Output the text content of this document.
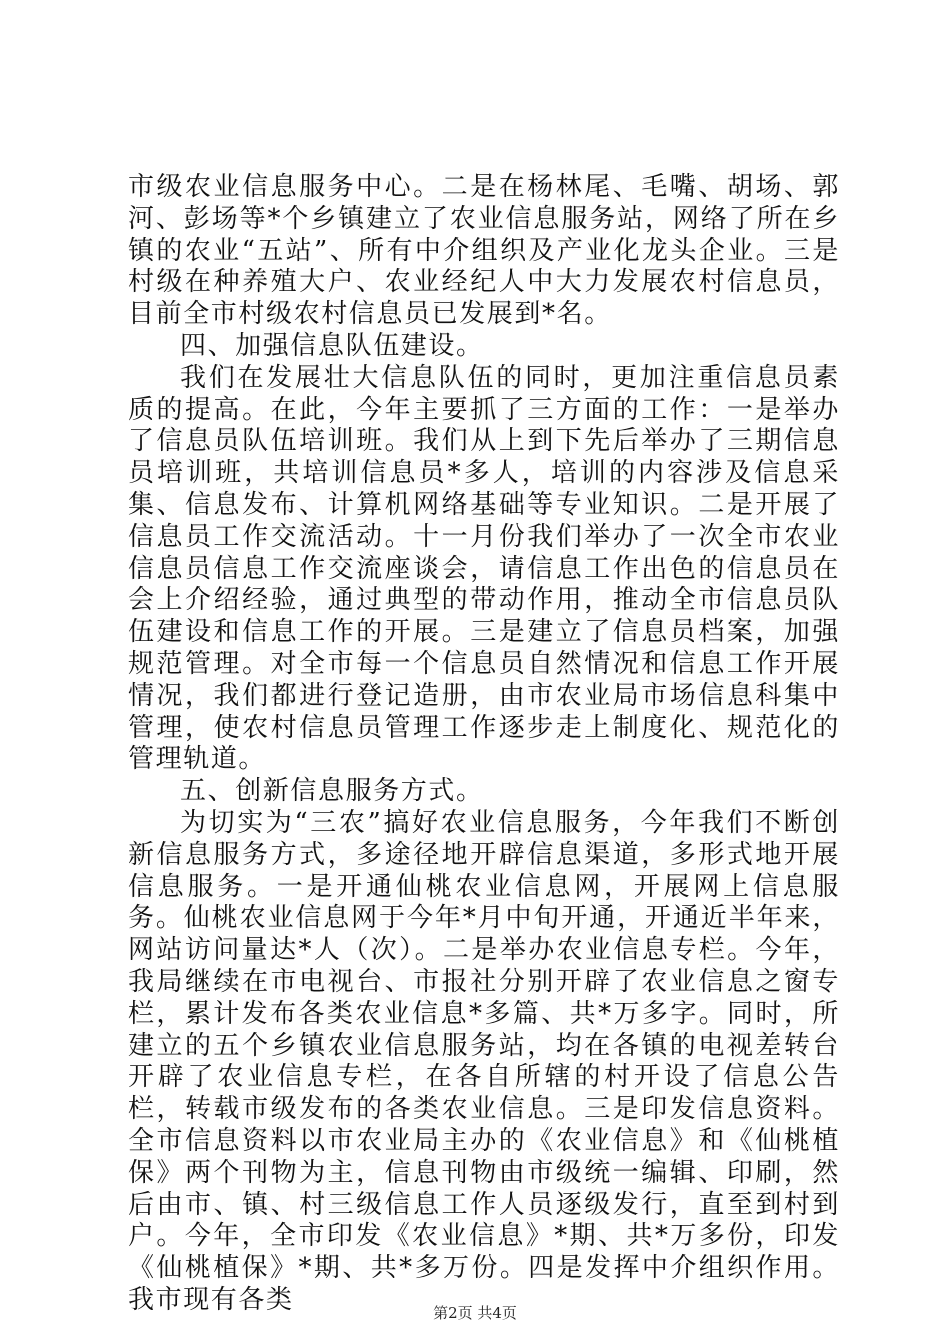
市级农业信息服务中心。二是在杨林尾、毛嘴、胡场、郭河、彭场等*个乡镇建立了农业信息服务站，网络了所在乡镇的农业“五站”、所有中介组织及产业化龙头企业。三是村级在种养殖大户、农业经纪人中大力发展农村信息员，目前全市村级农村信息员已发展到*名。

四、加强信息队伍建设。

我们在发展壮大信息队伍的同时，更加注重信息员素质的提高。在此，今年主要抓了三方面的工作：一是举办了信息员队伍培训班。我们从上到下先后举办了三期信息员培训班，共培训信息员*多人，培训的内容涉及信息采集、信息发布、计算机网络基础等专业知识。二是开展了信息员工作交流活动。十一月份我们举办了一次全市农业信息员信息工作交流座谈会，请信息工作出色的信息员在会上介绍经验，通过典型的带动作用，推动全市信息员队伍建设和信息工作的开展。三是建立了信息员档案，加强规范管理。对全市每一个信息员自然情况和信息工作开展情况，我们都进行登记造册，由市农业局市场信息科集中管理，使农村信息员管理工作逐步走上制度化、规范化的管理轨道。

五、创新信息服务方式。

为切实为“三农”搞好农业信息服务，今年我们不断创新信息服务方式，多途径地开辟信息渠道，多形式地开展信息服务。一是开通仙桃农业信息网，开展网上信息服务。仙桃农业信息网于今年*月中旬开通，开通近半年来，网站访问量达*人（次）。二是举办农业信息专栏。今年，我局继续在市电视台、市报社分别开辟了农业信息之窗专栏，累计发布各类农业信息*多篇、共*万多字。同时，所建立的五个乡镇农业信息服务站，均在各镇的电视差转台开辟了农业信息专栏，在各自所辖的村开设了信息公告栏，转载市级发布的各类农业信息。三是印发信息资料。全市信息资料以市农业局主办的《农业信息》和《仙桃植保》两个刊物为主，信息刊物由市级统一编辑、印刷，然后由市、镇、村三级信息工作人员逐级发行，直至到村到户。今年，全市印发《农业信息》*期、共*万多份，印发《仙桃植保》*期、共*多万份。四是发挥中介组织作用。我市现有各类	第2页 共4页
